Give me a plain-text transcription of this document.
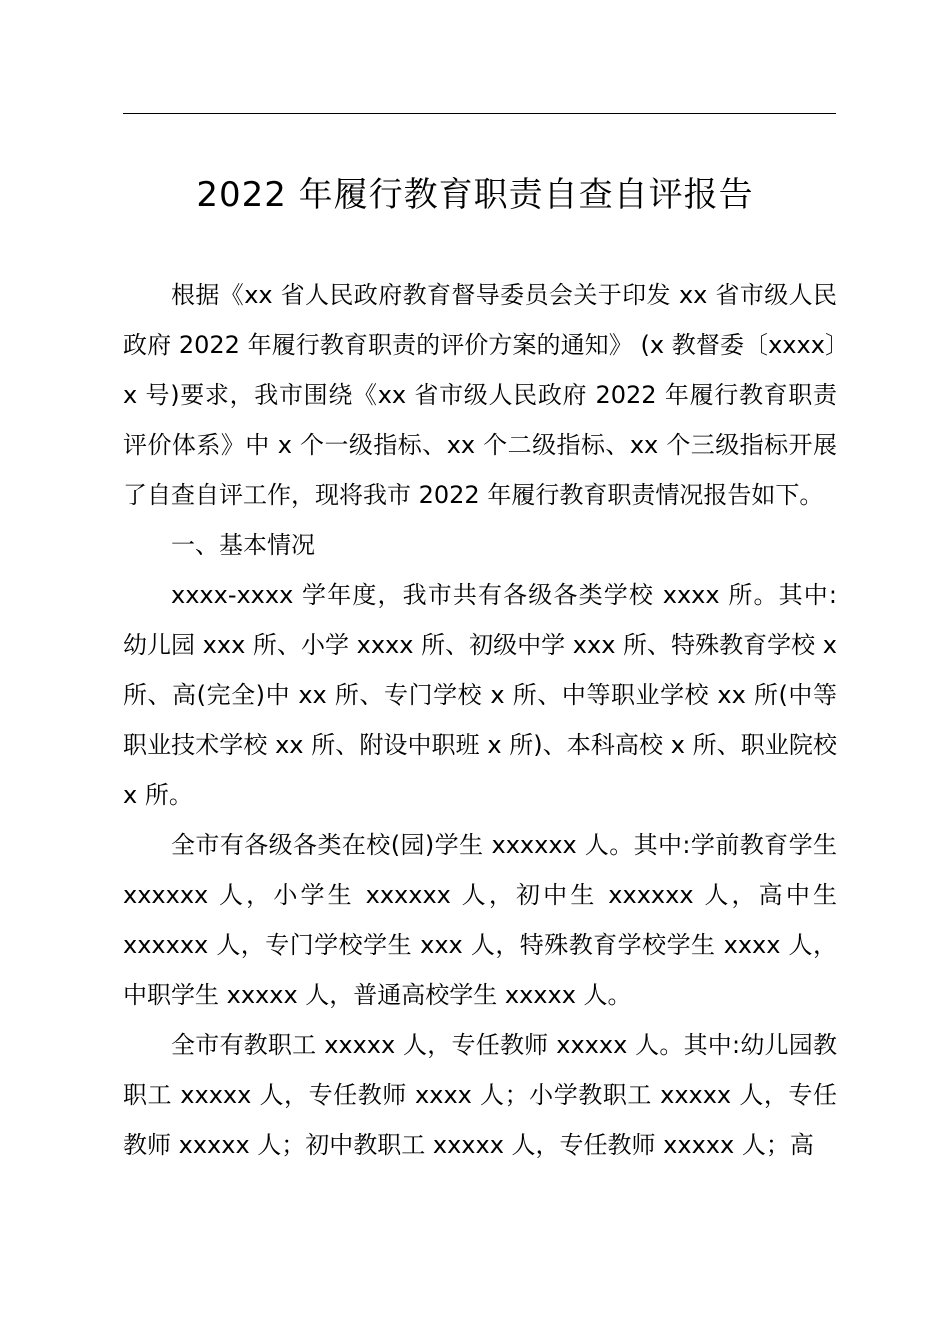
2022 年履行教育职责自查自评报告

根据《xx 省人民政府教育督导委员会关于印发 xx 省市级人民政府 2022 年履行教育职责的评价方案的通知》 (x 教督委〔xxxx〕x 号)要求，我市围绕《xx 省市级人民政府 2022 年履行教育职责评价体系》中 x 个一级指标、xx 个二级指标、xx 个三级指标开展了自查自评工作，现将我市 2022 年履行教育职责情况报告如下。

一、基本情况

xxxx-xxxx 学年度，我市共有各级各类学校 xxxx 所。其中:幼儿园 xxx 所、小学 xxxx 所、初级中学 xxx 所、特殊教育学校 x 所、高(完全)中 xx 所、专门学校 x 所、中等职业学校 xx 所(中等职业技术学校 xx 所、附设中职班 x 所)、本科高校 x 所、职业院校 x 所。

全市有各级各类在校(园)学生 xxxxxx 人。其中:学前教育学生 xxxxxx 人，小学生 xxxxxx 人，初中生 xxxxxx 人，高中生 xxxxxx 人，专门学校学生 xxx 人，特殊教育学校学生 xxxx 人，中职学生 xxxxx 人，普通高校学生 xxxxx 人。

全市有教职工 xxxxx 人，专任教师 xxxxx 人。其中:幼儿园教职工 xxxxx 人，专任教师 xxxx 人；小学教职工 xxxxx 人，专任教师 xxxxx 人；初中教职工 xxxxx 人，专任教师 xxxxx 人；高
